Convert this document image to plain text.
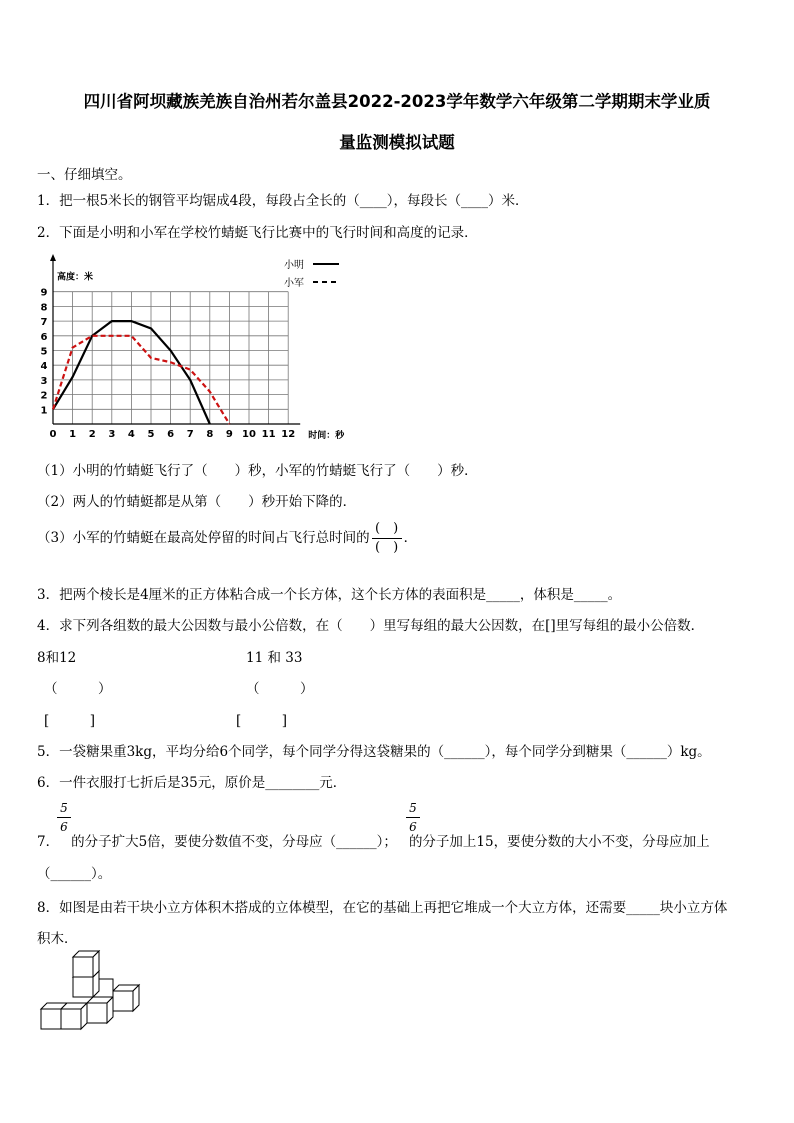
四川省阿坝藏族羌族自治州若尔盖县2022-2023学年数学六年级第二学期期末学业质
量监测模拟试题
一、仔细填空。
1．把一根5米长的钢管平均锯成4段，每段占全长的（____），每段长（____）米．
2．下面是小明和小军在学校竹蜻蜓飞行比赛中的飞行时间和高度的记录．
0 1 2 3 4 5 6 7 8 9 10 11 12
1
2
3
4
5
6
7
8
9
高度：米
时间：秒
小明
小军
（1）小明的竹蜻蜓飞行了（　　）秒，小军的竹蜻蜓飞行了（　　）秒．
（2）两人的竹蜻蜓都是从第（　　）秒开始下降的．
（3）小军的竹蜻蜓在最高处停留的时间占飞行总时间的 $\frac{( )}{( )}$ ．
3．把两个棱长是4厘米的正方体粘合成一个长方体，这个长方体的表面积是_____，体积是_____。
4．求下列各组数的最大公因数与最小公倍数，在（　　）里写每组的最大公因数，在[]里写每组的最小公倍数．
8和12	11 和 33
（　　　）	（　　　）
[　　　]	[　　　]
5．一袋糖果重3kg，平均分给6个同学，每个同学分得这袋糖果的（______），每个同学分到糖果（______）kg。
6．一件衣服打七折后是35元，原价是________元．
5
6
5
6
7． 的分子扩大5倍，要使分数值不变，分母应（______）； 的分子加上15，要使分数的大小不变，分母应加上
（______）。
8．如图是由若干块小立方体积木搭成的立体模型，在它的基础上再把它堆成一个大立方体，还需要_____块小立方体
积木．
